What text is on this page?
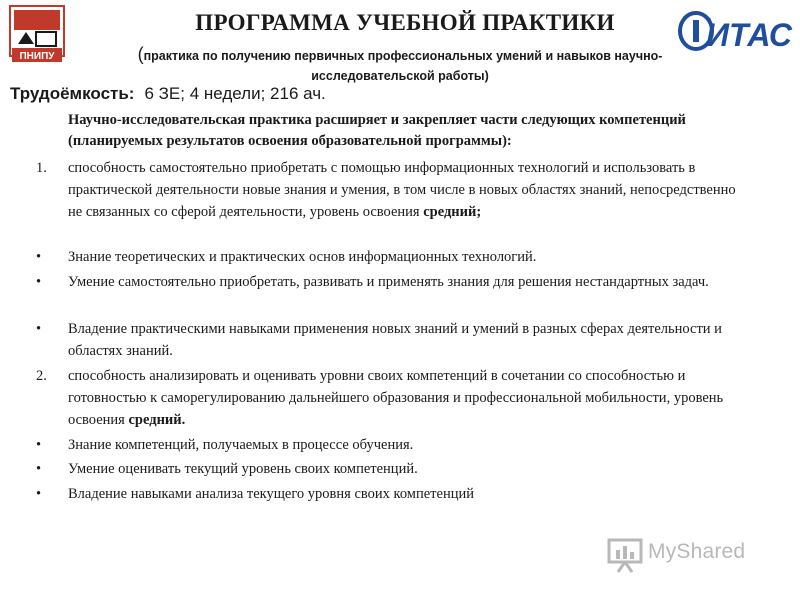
ПНИПУ
ИТАС
ПРОГРАММА УЧЕБНОЙ ПРАКТИКИ
(практика по получению первичных профессиональных умений и навыков научно-исследовательской работы)
Трудоёмкость: 6 ЗЕ; 4 недели; 216 ач.
Научно-исследовательская практика расширяет и закрепляет части следующих компетенций (планируемых результатов освоения образовательной программы):
1. способность самостоятельно приобретать с помощью информационных технологий и использовать в практической деятельности новые знания и умения, в том числе в новых областях знаний, непосредственно не связанных со сферой деятельности, уровень освоения средний;
• Знание теоретических и практических основ информационных технологий.
• Умение самостоятельно приобретать, развивать и применять знания для решения нестандартных задач.
• Владение практическими навыками применения новых знаний и умений в разных сферах деятельности и областях знаний.
2. способность анализировать и оценивать уровни своих компетенций в сочетании со способностью и готовностью к саморегулированию дальнейшего образования и профессиональной мобильности, уровень освоения средний.
• Знание компетенций, получаемых в процессе обучения.
• Умение оценивать текущий уровень своих компетенций.
• Владение навыками анализа текущего уровня своих компетенций
MyShared
